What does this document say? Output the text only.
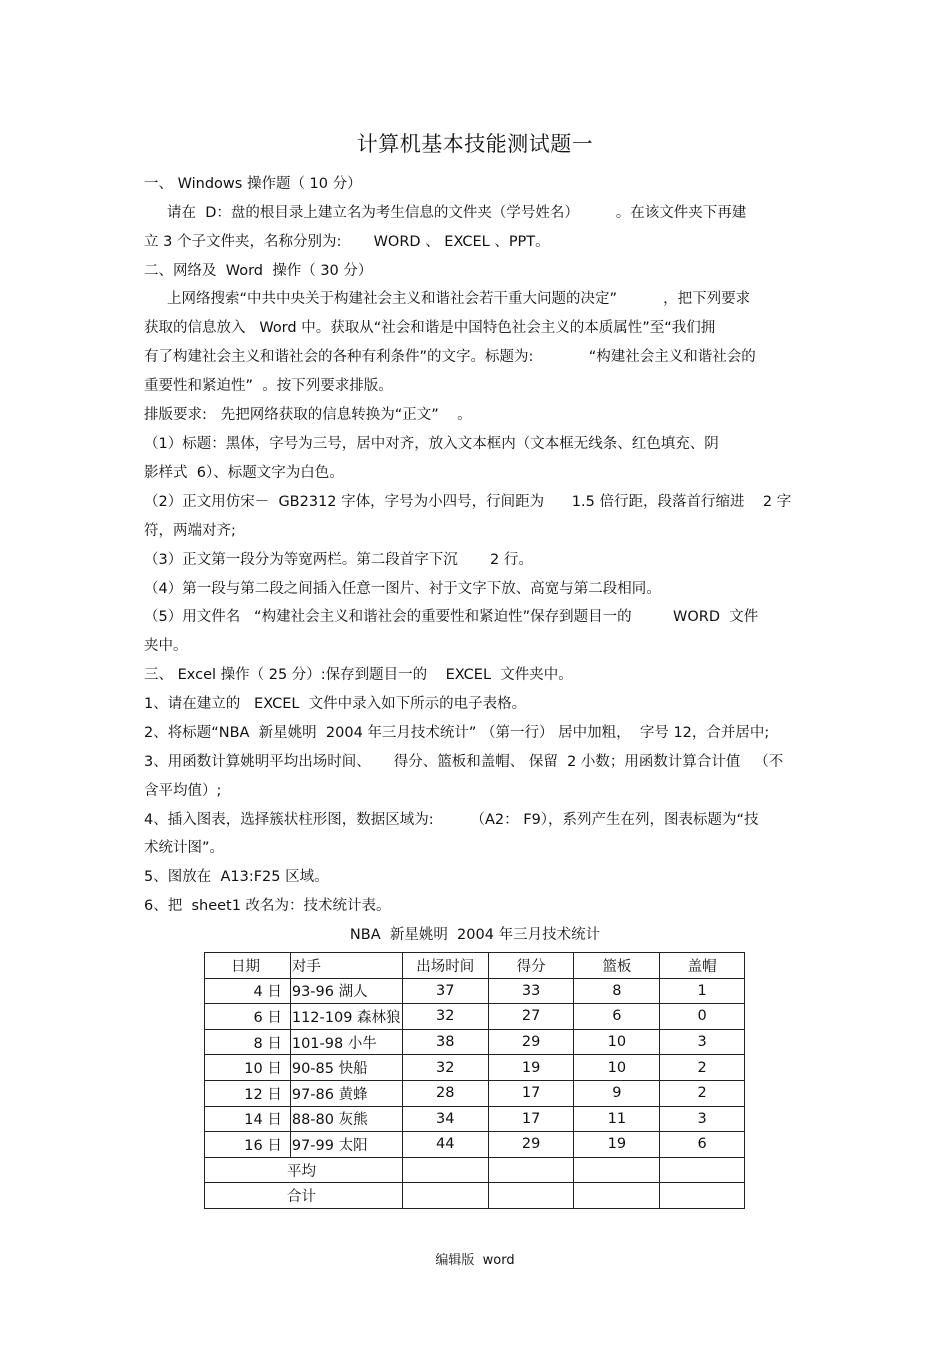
计算机基本技能测试题一
一、 Windows 操作题（ 10 分）
请在  D：盘的根目录上建立名为考生信息的文件夹（学号姓名）        。在该文件夹下再建
立 3 个子文件夹，名称分别为:       WORD 、 EXCEL 、PPT。
二、网络及  Word  操作（ 30 分）
上网络搜索“中共中央关于构建社会主义和谐社会若干重大问题的决定”          ，把下列要求
获取的信息放入   Word 中。获取从“社会和谐是中国特色社会主义的本质属性”至“我们拥
有了构建社会主义和谐社会的各种有利条件”的文字。标题为:            “构建社会主义和谐社会的
重要性和紧迫性”  。按下列要求排版。
排版要求:   先把网络获取的信息转换为“正文”    。
（1）标题：黑体，字号为三号，居中对齐，放入文本框内（文本框无线条、红色填充、阴
影样式  6）、标题文字为白色。
（2）正文用仿宋－  GB2312 字体，字号为小四号，行间距为      1.5 倍行距，段落首行缩进    2 字
符，两端对齐;
（3）正文第一段分为等宽两栏。第二段首字下沉       2 行。
（4）第一段与第二段之间插入任意一图片、衬于文字下放、高宽与第二段相同。
（5）用文件名   “构建社会主义和谐社会的重要性和紧迫性”保存到题目一的         WORD  文件
夹中。
三、 Excel 操作（ 25 分）:保存到题目一的    EXCEL  文件夹中。
1、请在建立的   EXCEL  文件中录入如下所示的电子表格。
2、将标题“NBA  新星姚明  2004 年三月技术统计” （第一行） 居中加粗，  字号 12，合并居中;
3、用函数计算姚明平均出场时间、     得分、篮板和盖帽、 保留  2 小数；用函数计算合计值   （不
含平均值）;
4、插入图表，选择簇状柱形图，数据区域为:        （A2： F9），系列产生在列，图表标题为“技
术统计图”。
5、图放在  A13:F25 区域。
6、把  sheet1 改名为：技术统计表。
NBA  新星姚明  2004 年三月技术统计
日期	对手	出场时间	得分	篮板	盖帽
4 日	93-96 湖人	37	33	8	1
6 日	112-109 森林狼	32	27	6	0
8 日	101-98 小牛	38	29	10	3
10 日	90-85 快船	32	19	10	2
12 日	97-86 黄蜂	28	17	9	2
14 日	88-80 灰熊	34	17	11	3
16 日	97-99 太阳	44	29	19	6
平均					
合计					
编辑版  word
